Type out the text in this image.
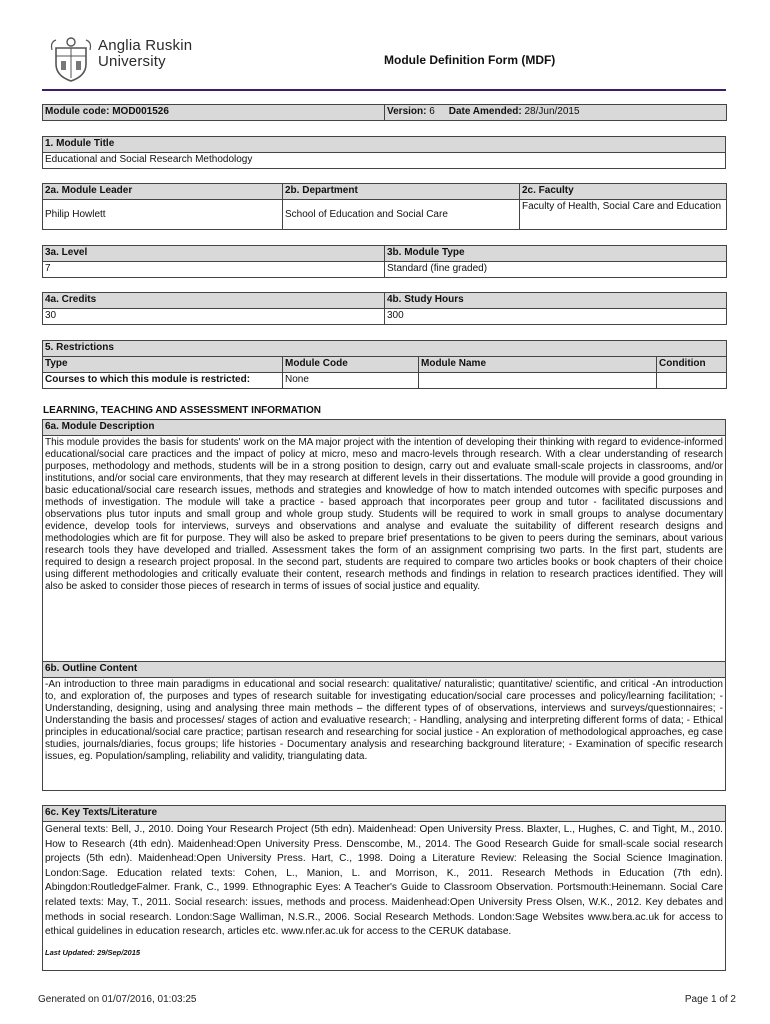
Anglia Ruskin
University	Module Definition Form (MDF)
Module code: MOD001526	Version: 6 Date Amended: 28/Jun/2015
1. Module Title
Educational and Social Research Methodology
2a. Module Leader	2b. Department	2c. Faculty
Philip Howlett	School of Education and Social Care	Faculty of Health, Social Care and Education
3a. Level	3b. Module Type
7	Standard (fine graded)
4a. Credits	4b. Study Hours
30	300
5. Restrictions			
Type	Module Code	Module Name	Condition
Courses to which this module is restricted:	None		
LEARNING, TEACHING AND ASSESSMENT INFORMATION
6a. Module Description
This module provides the basis for students' work on the MA major project with the intention of developing their thinking with regard to evidence-informed educational/social care practices and the impact of policy at micro, meso and macro-levels through research. With a clear understanding of research purposes, methodology and methods, students will be in a strong position to design, carry out and evaluate small-scale projects in classrooms, and/or institutions, and/or social care environments, that they may research at different levels in their dissertations. The module will provide a good grounding in basic educational/social care research issues, methods and strategies and knowledge of how to match intended outcomes with specific purposes and methods of investigation. The module will take a practice - based approach that incorporates peer group and tutor - facilitated discussions and observations plus tutor inputs and small group and whole group study. Students will be required to work in small groups to analyse documentary evidence, develop tools for interviews, surveys and observations and analyse and evaluate the suitability of different research designs and methodologies which are fit for purpose. They will also be asked to prepare brief presentations to be given to peers during the seminars, about various research tools they have developed and trialled. Assessment takes the form of an assignment comprising two parts. In the first part, students are required to design a research project proposal. In the second part, students are required to compare two articles books or book chapters of their choice using different methodologies and critically evaluate their content, research methods and findings in relation to research practices identified. They will also be asked to consider those pieces of research in terms of issues of social justice and equality.
6b. Outline Content
-An introduction to three main paradigms in educational and social research: qualitative/ naturalistic; quantitative/ scientific, and critical -An introduction to, and exploration of, the purposes and types of research suitable for investigating education/social care processes and policy/learning facilitation; - Understanding, designing, using and analysing three main methods – the different types of of observations, interviews and surveys/questionnaires; - Understanding the basis and processes/ stages of action and evaluative research; - Handling, analysing and interpreting different forms of data; - Ethical principles in educational/social care practice; partisan research and researching for social justice - An exploration of methodological approaches, eg case studies, journals/diaries, focus groups; life histories - Documentary analysis and researching background literature; - Examination of specific research issues, eg. Population/sampling, reliability and validity, triangulating data.
6c. Key Texts/Literature

General texts: Bell, J., 2010. Doing Your Research Project (5th edn). Maidenhead: Open University Press. Blaxter, L., Hughes, C. and Tight, M., 2010. How to Research (4th edn). Maidenhead:Open University Press. Denscombe, M., 2014. The Good Research Guide for small-scale social research projects (5th edn). Maidenhead:Open University Press. Hart, C., 1998. Doing a Literature Review: Releasing the Social Science Imagination. London:Sage. Education related texts: Cohen, L., Manion, L. and Morrison, K., 2011. Research Methods in Education (7th edn). Abingdon:RoutledgeFalmer. Frank, C., 1999. Ethnographic Eyes: A Teacher's Guide to Classroom Observation. Portsmouth:Heinemann. Social Care related texts: May, T., 2011. Social research: issues, methods and process. Maidenhead:Open University Press Olsen, W.K., 2012. Key debates and methods in social research. London:Sage Walliman, N.S.R., 2006. Social Research Methods. London:Sage Websites www.bera.ac.uk for access to ethical guidelines in education research, articles etc. www.nfer.ac.uk for access to the CERUK database.
Last Updated: 29/Sep/2015
Generated on 01/07/2016, 01:03:25	Page 1 of 2
